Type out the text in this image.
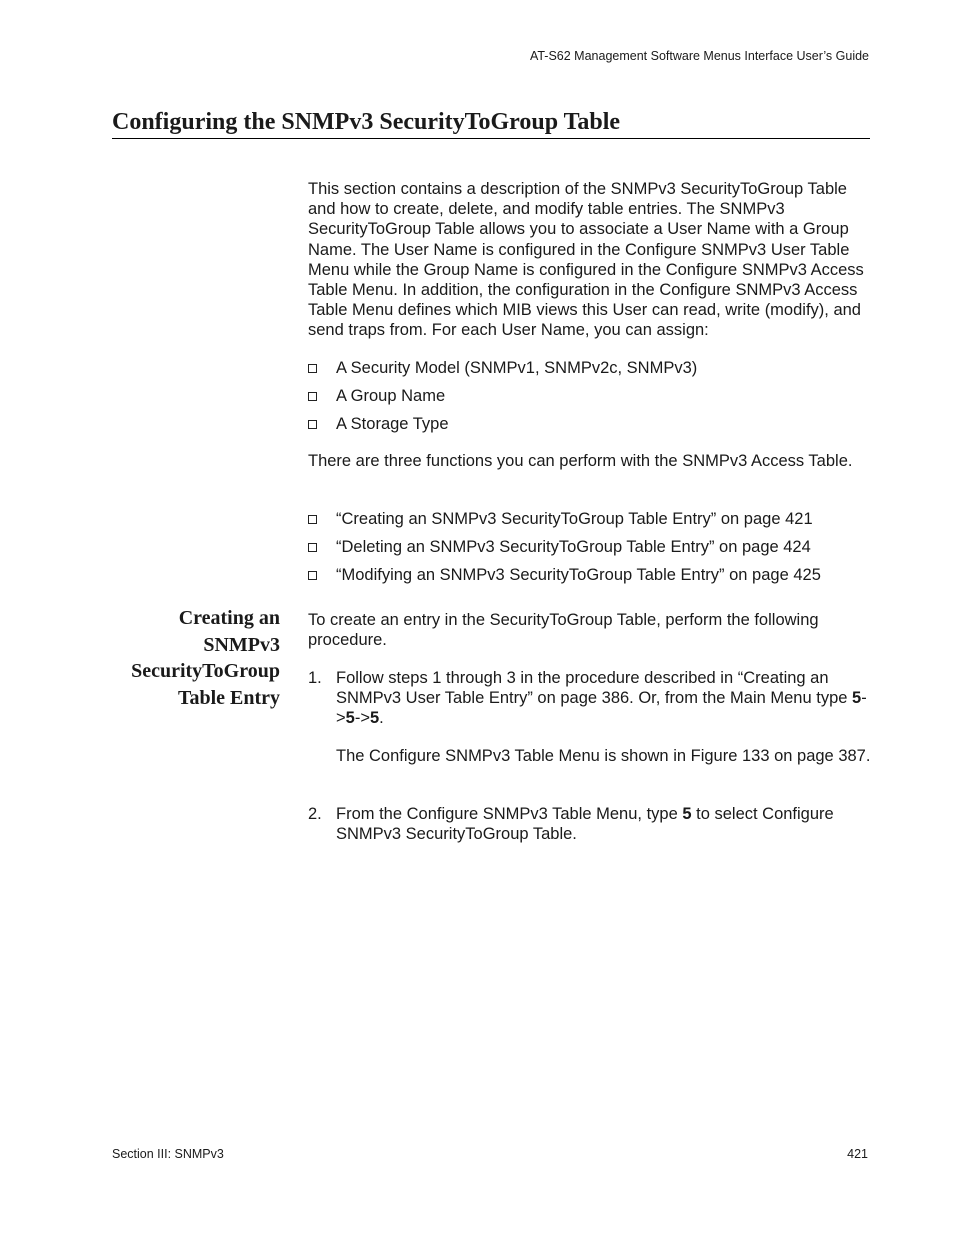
AT-S62 Management Software Menus Interface User’s Guide
Configuring the SNMPv3 SecurityToGroup Table

This section contains a description of the SNMPv3 SecurityToGroup Table and how to create, delete, and modify table entries. The SNMPv3 SecurityToGroup Table allows you to associate a User Name with a Group Name. The User Name is configured in the Configure SNMPv3 User Table Menu while the Group Name is configured in the Configure SNMPv3 Access Table Menu. In addition, the configuration in the Configure SNMPv3 Access Table Menu defines which MIB views this User can read, write (modify), and send traps from. For each User Name, you can assign:

A Security Model (SNMPv1, SNMPv2c, SNMPv3)
A Group Name
A Storage Type

There are three functions you can perform with the SNMPv3 Access Table.

“Creating an SNMPv3 SecurityToGroup Table Entry” on page 421
“Deleting an SNMPv3 SecurityToGroup Table Entry” on page 424
“Modifying an SNMPv3 SecurityToGroup Table Entry” on page 425
Creating an
SNMPv3
SecurityToGroup
Table Entry

To create an entry in the SecurityToGroup Table, perform the following procedure.

1. Follow steps 1 through 3 in the procedure described in “Creating an SNMPv3 User Table Entry” on page 386. Or, from the Main Menu type 5->5->5.

The Configure SNMPv3 Table Menu is shown in Figure 133 on page 387.

2. From the Configure SNMPv3 Table Menu, type 5 to select Configure SNMPv3 SecurityToGroup Table.

Section III: SNMPv3	421
